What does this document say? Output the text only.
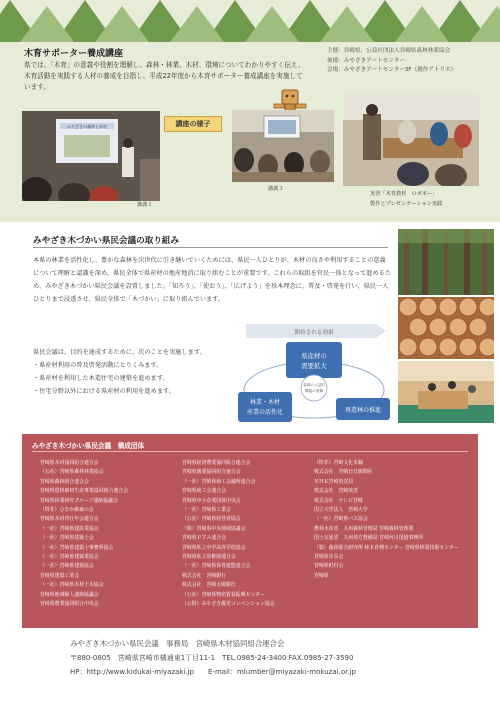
木育サポーター養成講座

県では、「木育」の意義や役割を理解し、森林・林業、木材、環境についてわかりやすく伝え、木育活動を実践する人材の養成を目指し、平成22年度から木育サポーター養成講座を実施しています。

主催：宮崎県、公益社団法人宮崎県森林林業協会
後援：みやざきアートセンター
会場：みやざきアートセンター3F（創作アトリエ）
みやざきの森林と木材
講義１
講座の様子
講義３
実習「木育教材　ロボ木ー」
製作とプレゼンテーション実践
みやざき木づかい県民会議の取り組み

本県の林業を活性化し、豊かな森林を次世代に引き継いでいくためには、県民一人ひとりが、木材の良さや利用することの意義について理解と認識を深め、県民全体で県産材の地産地消に取り組むことが重要です。これらの取組を官民一体となって進めるため、みやざき木づかい県民会議を設置しました。「知ろう」、「使おう」、「広げよう」を基本理念に、普及・啓発を行い、県民一人ひとりまで浸透させ、県民全体で「木づかい」に取り組んでいます。

県民会議は、目的を達成するために、次のことを実施します。
・県産材利用の普及啓発活動にとりくみます。
・県産材を利用した木造住宅の建築を進めます。
・住宅分野以外における県産材の利用を進めます。
期待される効果
県産材の
需要拡大
森林の公益的
機能の発揮
林業・木材
産業の活性化	再造林の推進
みやざき木づかい県民会議　構成団体
宮崎県木材協同組合連合会
（公社）宮崎県森林林業協会
宮崎県森林組合連合会
宮崎県造林素材生産事業協同組合連合会
宮崎県林業研究グループ連絡協議会
（特非）ひむか維森の会
宮崎県木材青壮年会連合会
（一社）宮崎県建設業協会
（一社）宮崎県建築士会
（一社）宮崎県建築士事務所協会
（一社）宮崎県建築業協会
（一社）宮崎県建築協会
宮崎県建築工業会
（一社）宮崎県木材土木協会
宮崎県地域婦人連絡協議会
宮崎県農業協同組合中央会
宮崎県経済農業協同組合連合会
宮崎県漁業協同組合連合会
（一社）宮崎県商工会議所連合会
宮崎県商工会連合会
宮崎県中小企業団体中央会
（一社）宮崎県工業会
（公社）宮崎県経営者協会
（株）宮崎県中央地域協議会
宮崎県ＰＴＡ連合会
宮崎県私立中学高等学校協会
宮崎県私立幼稚園連合会
（一社）宮崎県保育連盟連合会
株式会社　宮崎銀行
株式会社　宮崎太陽銀行
（公社）宮崎県物産貿易振興センター
（公財）みやざき観光コンベンション協会
（特非）宮崎文化本舗
株式会社　宮崎日日新聞社
ＮＨＫ宮崎放送局
株式会社　宮崎放送
株式会社　テレビ宮崎
国立大学法人　宮崎大学
（一社）宮崎県バス協会
農林水産省　九州森林管理局 宮崎森林管理署
国土交通省　九州地方整備局 宮崎河川国道事務所
（独）森林総合研究所 林木育種センター 宮崎県林業技術センター
宮崎県市長会
宮崎県町村会
宮崎県
みやざき木づかい県民会議　事務局　宮崎県木材協同組合連合会
〒880-0805　宮崎県宮崎市橘通東1丁目11-1　TEL.0985-24-3400 FAX.0985-27-3590
HP：http://www.kidukai-miyazaki.jp　　E-mail：mlumber@miyazaki-mokuzai.or.jp
